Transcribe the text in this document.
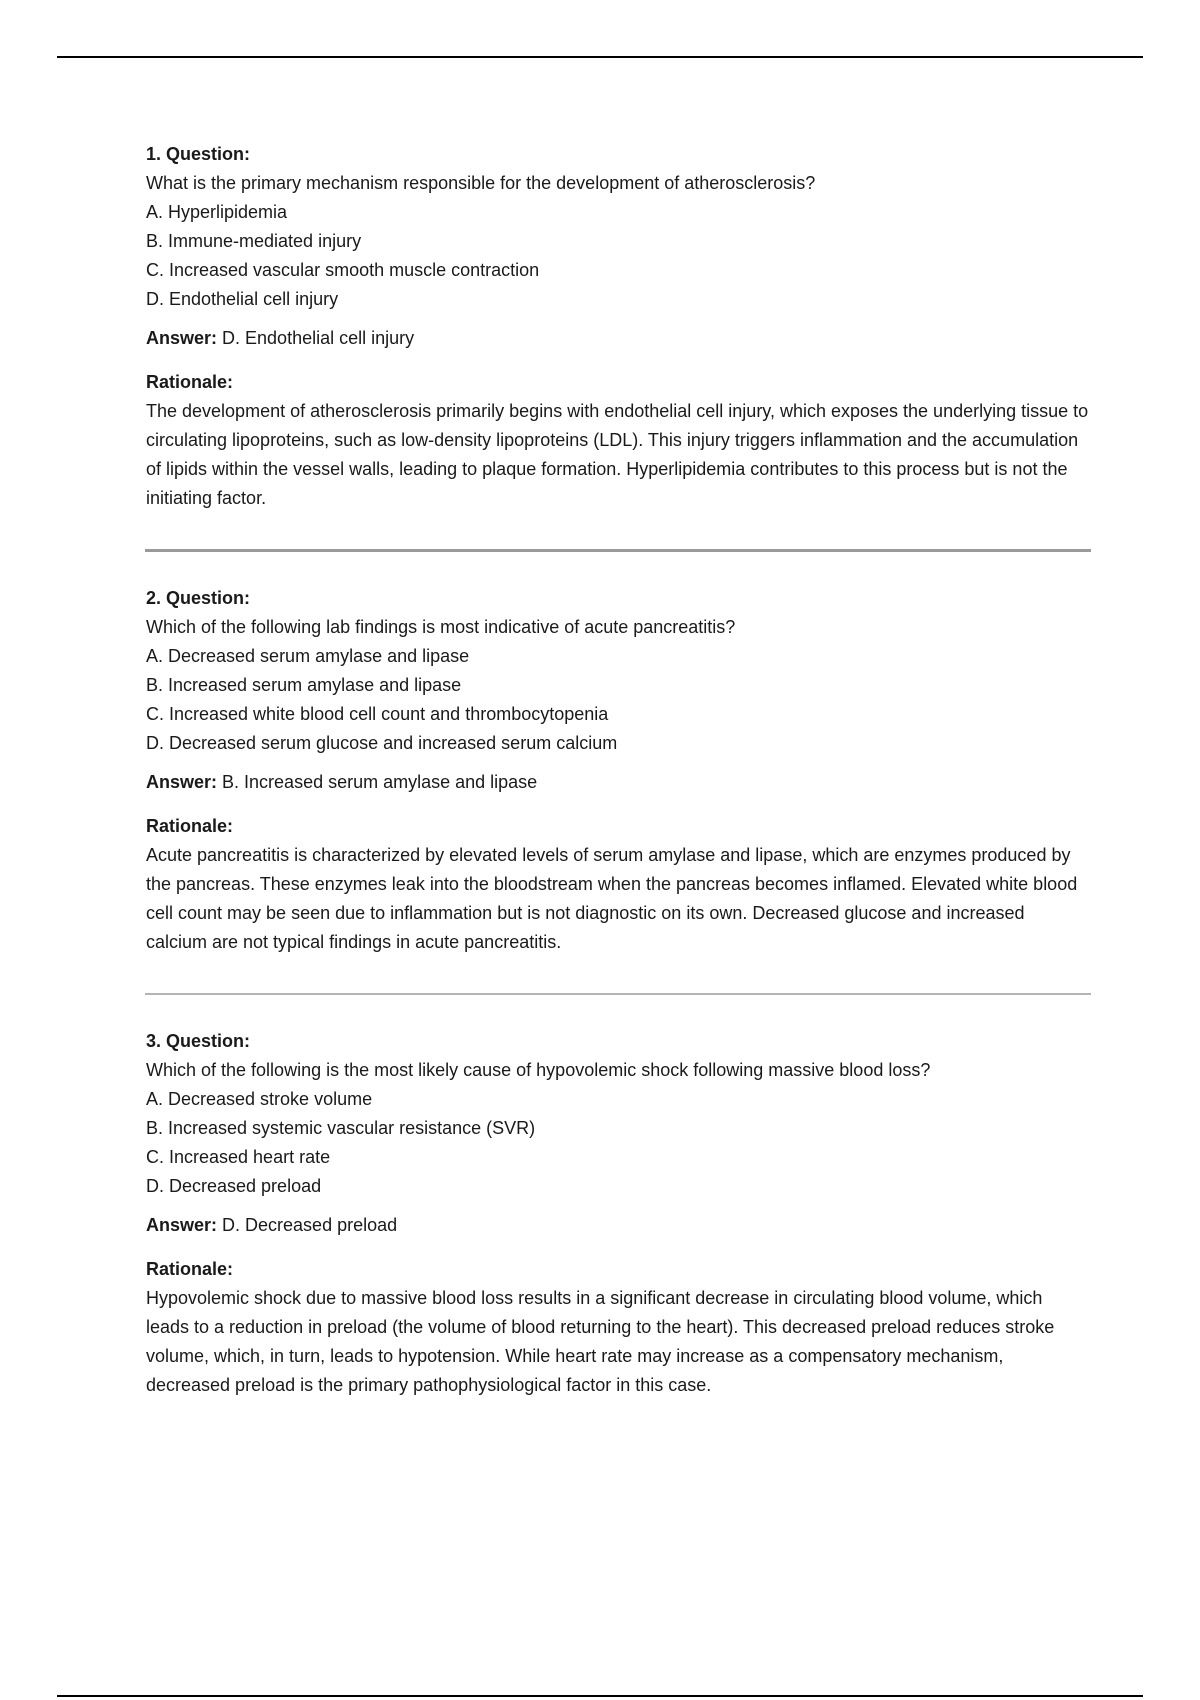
1. Question:

What is the primary mechanism responsible for the development of atherosclerosis?

A. Hyperlipidemia

B. Immune-mediated injury

C. Increased vascular smooth muscle contraction

D. Endothelial cell injury

Answer: D. Endothelial cell injury

Rationale:

The development of atherosclerosis primarily begins with endothelial cell injury, which exposes the underlying tissue to circulating lipoproteins, such as low-density lipoproteins (LDL). This injury triggers inflammation and the accumulation of lipids within the vessel walls, leading to plaque formation. Hyperlipidemia contributes to this process but is not the initiating factor.

2. Question:

Which of the following lab findings is most indicative of acute pancreatitis?

A. Decreased serum amylase and lipase

B. Increased serum amylase and lipase

C. Increased white blood cell count and thrombocytopenia

D. Decreased serum glucose and increased serum calcium

Answer: B. Increased serum amylase and lipase

Rationale:

Acute pancreatitis is characterized by elevated levels of serum amylase and lipase, which are enzymes produced by the pancreas. These enzymes leak into the bloodstream when the pancreas becomes inflamed. Elevated white blood cell count may be seen due to inflammation but is not diagnostic on its own. Decreased glucose and increased calcium are not typical findings in acute pancreatitis.

3. Question:

Which of the following is the most likely cause of hypovolemic shock following massive blood loss?

A. Decreased stroke volume

B. Increased systemic vascular resistance (SVR)

C. Increased heart rate

D. Decreased preload

Answer: D. Decreased preload

Rationale:

Hypovolemic shock due to massive blood loss results in a significant decrease in circulating blood volume, which leads to a reduction in preload (the volume of blood returning to the heart). This decreased preload reduces stroke volume, which, in turn, leads to hypotension. While heart rate may increase as a compensatory mechanism, decreased preload is the primary pathophysiological factor in this case.
